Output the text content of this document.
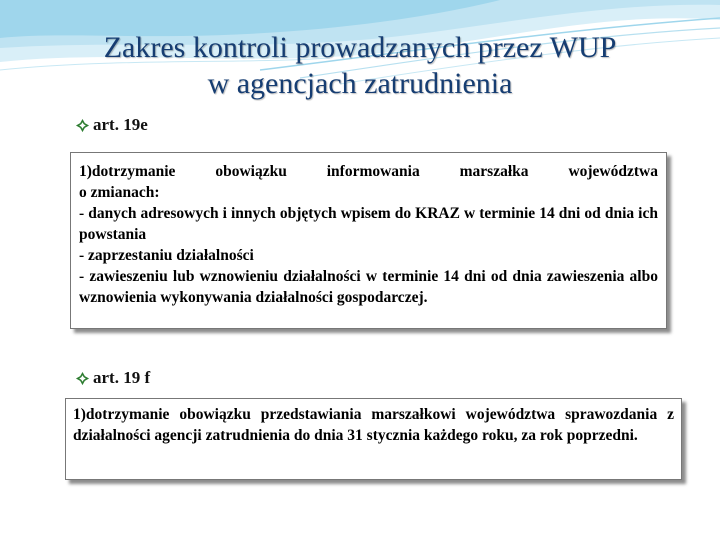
Zakres kontroli prowadzanych przez WUP
w agencjach zatrudnienia
art. 19e
1)dotrzymanie	obowiązku	informowania	marszałka	województwa

o zmianach:

- danych adresowych i innych objętych wpisem do KRAZ w terminie 14 dni od dnia ich powstania

- zaprzestaniu działalności

- zawieszeniu lub wznowieniu działalności w terminie 14 dni od dnia zawieszenia albo wznowienia wykonywania działalności gospodarczej.

art. 19 f

1)dotrzymanie obowiązku przedstawiania marszałkowi województwa sprawozdania z działalności agencji zatrudnienia do dnia 31 stycznia każdego roku, za rok poprzedni.
